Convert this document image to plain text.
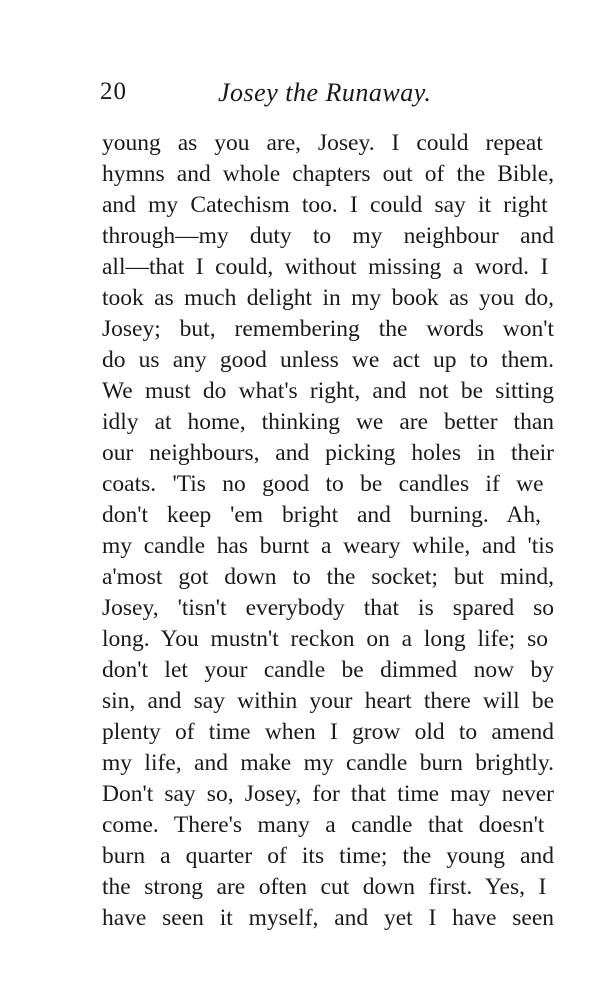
20	Josey the Runaway.
young as you are, Josey. I could repeat
hymns and whole chapters out of the Bible,
and my Catechism too. I could say it right
through—my duty to my neighbour and
all—that I could, without missing a word. I
took as much delight in my book as you do,
Josey; but, remembering the words won't
do us any good unless we act up to them.
We must do what's right, and not be sitting
idly at home, thinking we are better than
our neighbours, and picking holes in their
coats. 'Tis no good to be candles if we
don't keep 'em bright and burning. Ah,
my candle has burnt a weary while, and 'tis
a'most got down to the socket; but mind,
Josey, 'tisn't everybody that is spared so
long. You mustn't reckon on a long life; so
don't let your candle be dimmed now by
sin, and say within your heart there will be
plenty of time when I grow old to amend
my life, and make my candle burn brightly.
Don't say so, Josey, for that time may never
come. There's many a candle that doesn't
burn a quarter of its time; the young and
the strong are often cut down first. Yes, I
have seen it myself, and yet I have seen
